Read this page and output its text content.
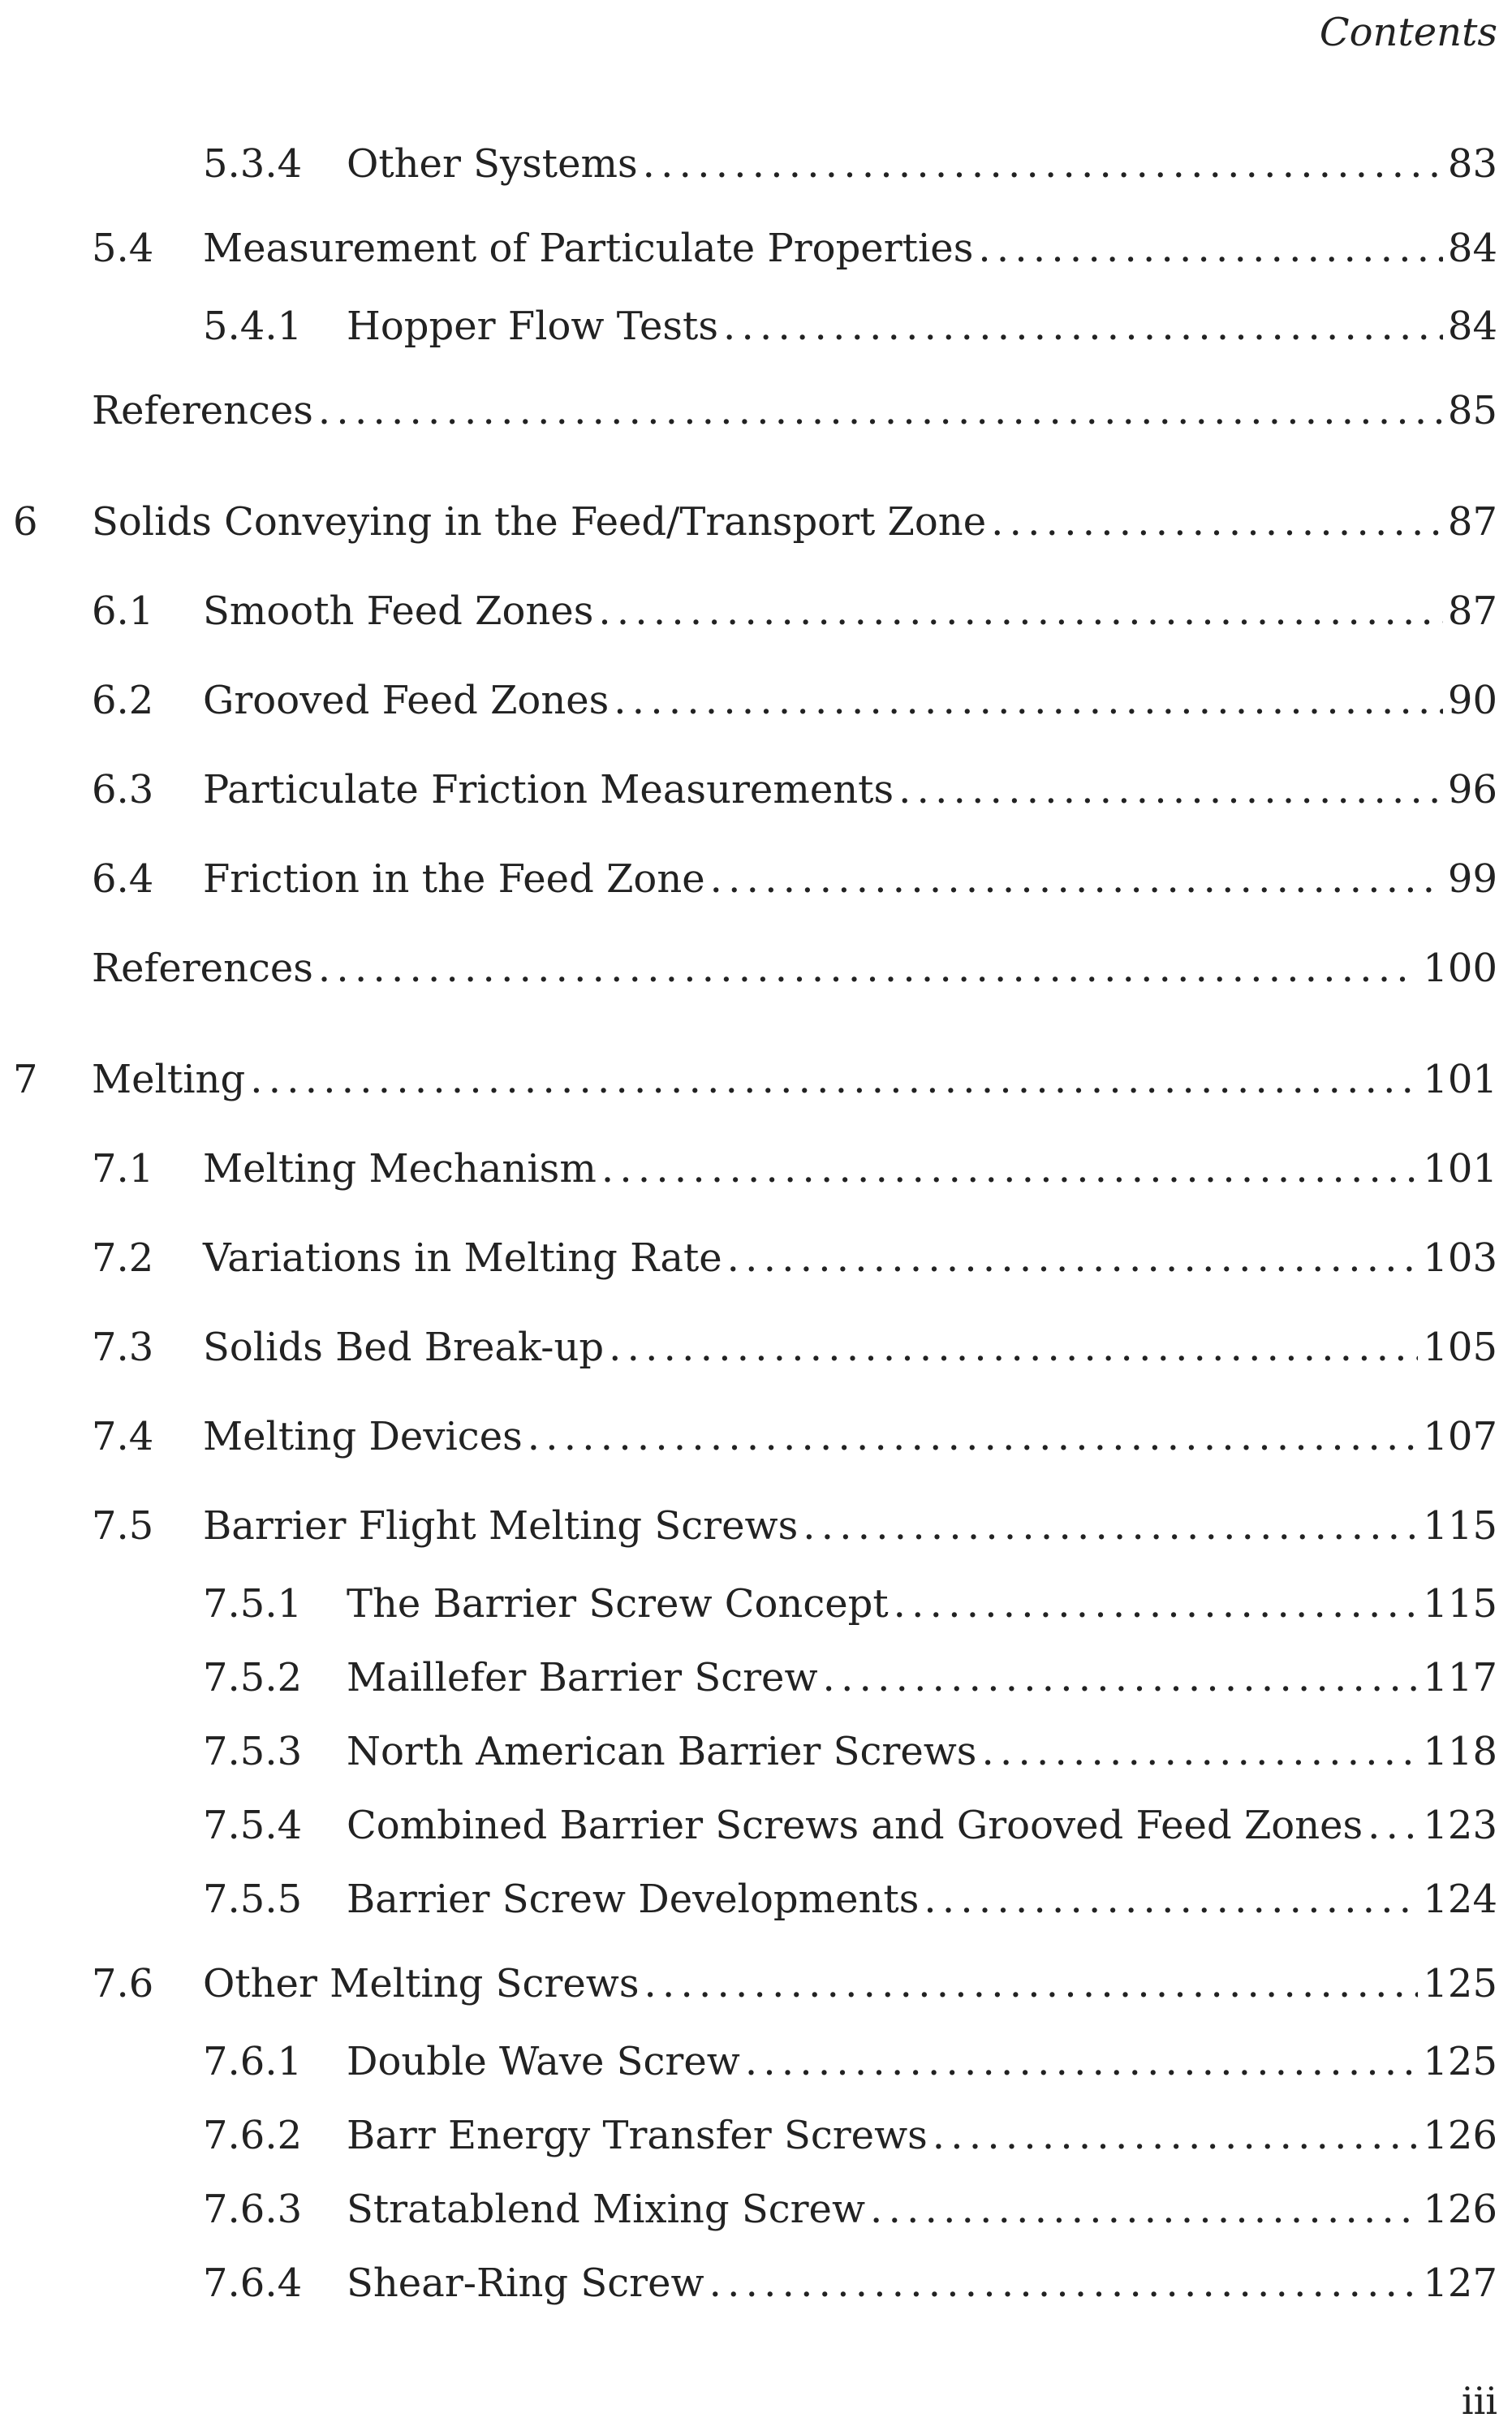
Contents
5.3.4 Other Systems . . .	83
5.4 Measurement of Particulate Properties . . .	84
5.4.1 Hopper Flow Tests . . .	84
References . . .	85
6 Solids Conveying in the Feed/Transport Zone . . .	87
6.1 Smooth Feed Zones . . .	87
6.2 Grooved Feed Zones . . .	90
6.3 Particulate Friction Measurements . . .	96
6.4 Friction in the Feed Zone . . .	99
References . . .	100
7 Melting . . .	101
7.1 Melting Mechanism . . .	101
7.2 Variations in Melting Rate . . .	103
7.3 Solids Bed Break-up . . .	105
7.4 Melting Devices . . .	107
7.5 Barrier Flight Melting Screws . . .	115
7.5.1 The Barrier Screw Concept . . .	115
7.5.2 Maillefer Barrier Screw . . .	117
7.5.3 North American Barrier Screws . . .	118
7.5.4 Combined Barrier Screws and Grooved Feed Zones . . . 123
7.5.5 Barrier Screw Developments . . .	124
7.6 Other Melting Screws . . .	125
7.6.1 Double Wave Screw . . .	125
7.6.2 Barr Energy Transfer Screws . . .	126
7.6.3 Stratablend Mixing Screw . . .	126
7.6.4 Shear-Ring Screw . . .	127
iii
